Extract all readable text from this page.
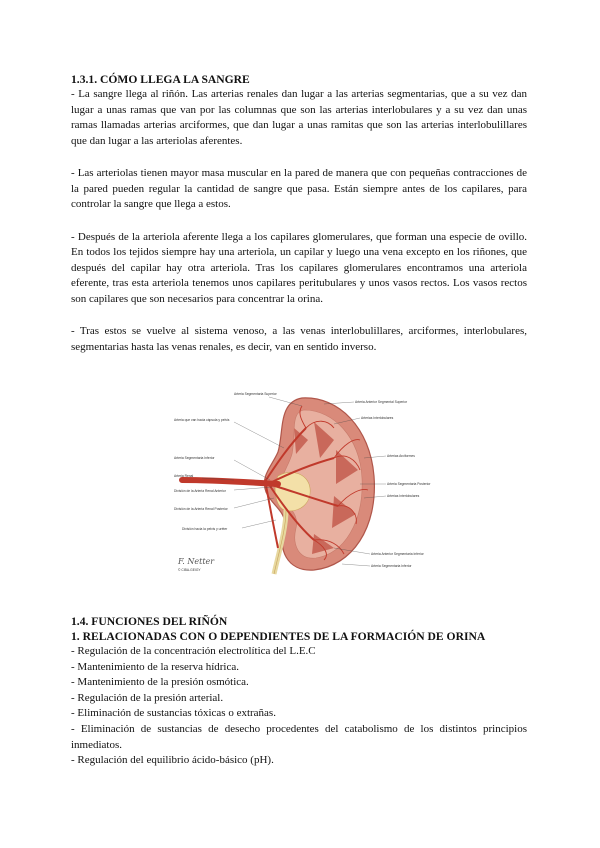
1.3.1. CÓMO LLEGA LA SANGRE

- La sangre llega al riñón. Las arterias renales dan lugar a las arterias segmentarias, que a su vez dan lugar a unas ramas que van por las columnas que son las arterias interlobulares y a su vez dan unas ramas llamadas arterias arciformes, que dan lugar a unas ramitas que son las arterias interlobulillares que dan lugar a las arteriolas aferentes.

- Las arteriolas tienen mayor masa muscular en la pared de manera que con pequeñas contracciones de la pared pueden regular la cantidad de sangre que pasa. Están siempre antes de los capilares, para controlar la sangre que llega a estos.

- Después de la arteriola aferente llega a los capilares glomerulares, que forman una especie de ovillo. En todos los tejidos siempre hay una arteriola, un capilar y luego una vena excepto en los riñones, que después del capilar hay otra arteriola. Tras los capilares glomerulares encontramos una arteriola eferente, tras esta arteriola tenemos unos capilares peritubulares y unos vasos rectos. Los vasos rectos son capilares que son necesarios para concentrar la orina.

- Tras estos se vuelve al sistema venoso, a las venas interlobulillares, arciformes, interlobulares, segmentarias hasta las venas renales, es decir, van en sentido inverso.

Arteria Segmentaria Superior
Arteria que van hacia cápsula y pelvis
Arteria Segmentaria Inferior
Arteria Renal
División de la Arteria Renal Anterior
División de la Arteria Renal Posterior
División hacia la pelvis y uréter
Arteria Anterior Segmental Superior
Arterias Interlobulares
Arterias Arciformes
Arteria Segmentaria Posterior
Arterias Interlobulares
Arteria Anterior Segmentaria Inferior
Arteria Segmentaria Inferior
F. Netter
© CIBA-GEIGY

1.4. FUNCIONES DEL RIÑÓN

1. RELACIONADAS CON O DEPENDIENTES DE LA FORMACIÓN DE ORINA

- Regulación de la concentración electrolítica del L.E.C

- Mantenimiento de la reserva hídrica.

- Mantenimiento de la presión osmótica.

- Regulación de la presión arterial.

- Eliminación de sustancias tóxicas o extrañas.

- Eliminación de sustancias de desecho procedentes del catabolismo de los distintos principios inmediatos.

- Regulación del equilibrio ácido-básico (pH).
